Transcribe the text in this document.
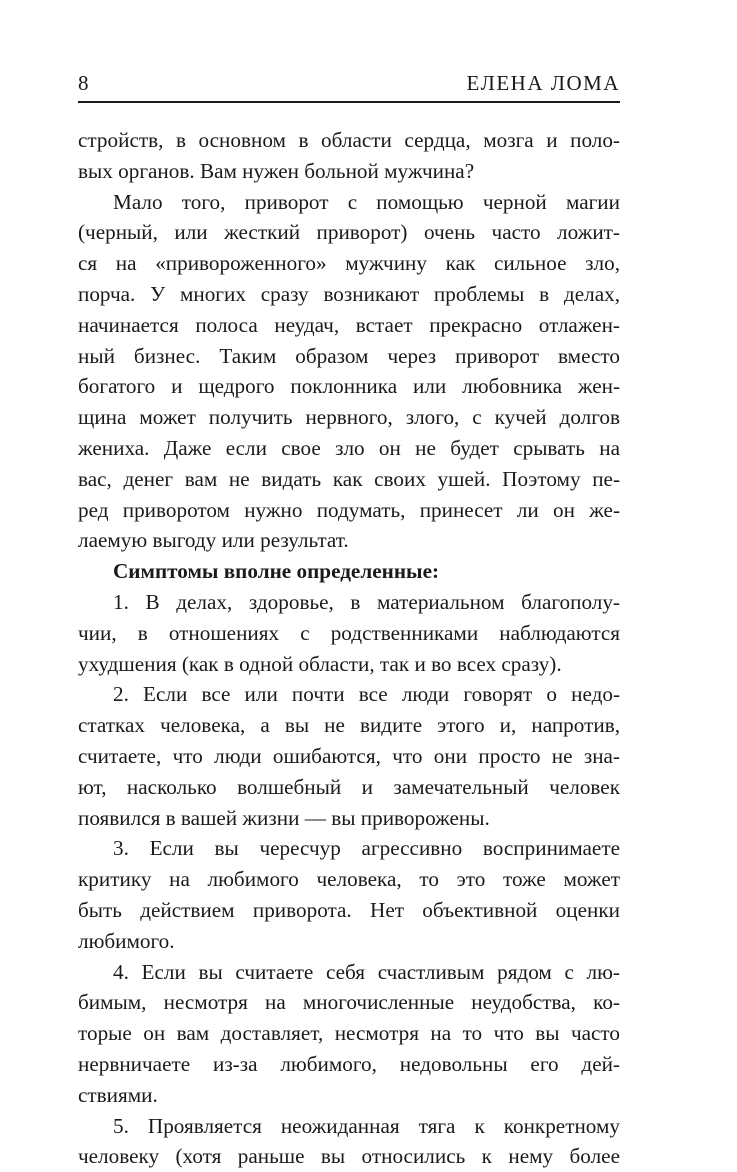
8	ЕЛЕНА ЛОМА
стройств, в основном в области сердца, мозга и поло-
вых органов. Вам нужен больной мужчина?
Мало того, приворот с помощью черной магии
(черный, или жесткий приворот) очень часто ложит-
ся на «привороженного» мужчину как сильное зло,
порча. У многих сразу возникают проблемы в делах,
начинается полоса неудач, встает прекрасно отлажен-
ный бизнес. Таким образом через приворот вместо
богатого и щедрого поклонника или любовника жен-
щина может получить нервного, злого, с кучей долгов
жениха. Даже если свое зло он не будет срывать на
вас, денег вам не видать как своих ушей. Поэтому пе-
ред приворотом нужно подумать, принесет ли он же-
лаемую выгоду или результат.
Симптомы вполне определенные:
1. В делах, здоровье, в материальном благополу-
чии, в отношениях с родственниками наблюдаются
ухудшения (как в одной области, так и во всех сразу).
2. Если все или почти все люди говорят о недо-
статках человека, а вы не видите этого и, напротив,
считаете, что люди ошибаются, что они просто не зна-
ют, насколько волшебный и замечательный человек
появился в вашей жизни — вы приворожены.
3. Если вы чересчур агрессивно воспринимаете
критику на любимого человека, то это тоже может
быть действием приворота. Нет объективной оценки
любимого.
4. Если вы считаете себя счастливым рядом с лю-
бимым, несмотря на многочисленные неудобства, ко-
торые он вам доставляет, несмотря на то что вы часто
нервничаете из-за любимого, недовольны его дей-
ствиями.
5. Проявляется неожиданная тяга к конкретному
человеку (хотя раньше вы относились к нему более
